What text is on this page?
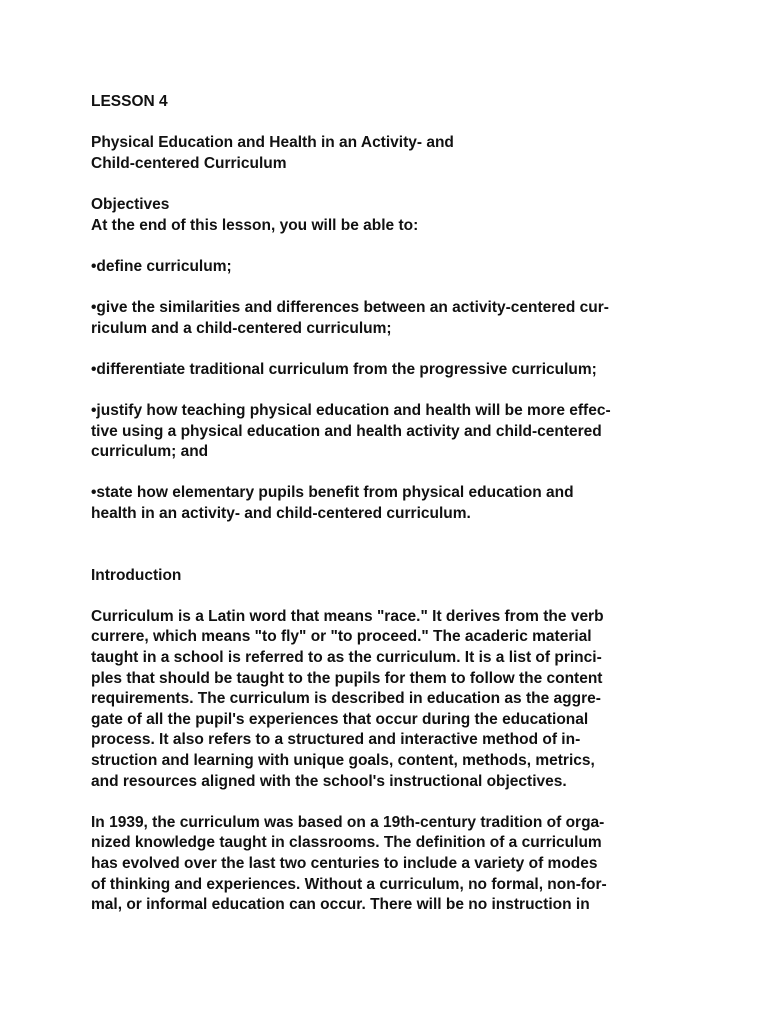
LESSON 4
Physical Education and Health in an Activity- and
Child-centered Curriculum
Objectives
At the end of this lesson, you will be able to:
•define curriculum;
•give the similarities and differences between an activity-centered cur-
riculum and a child-centered curriculum;
•differentiate traditional curriculum from the progressive curriculum;
•justify how teaching physical education and health will be more effec-
tive using a physical education and health activity and child-centered
curriculum; and
•state how elementary pupils benefit from physical education and
health in an activity- and child-centered curriculum.
Introduction
Curriculum is a Latin word that means "race." It derives from the verb
currere, which means "to fly" or "to proceed." The acaderic material
taught in a school is referred to as the curriculum. It is a list of princi-
ples that should be taught to the pupils for them to follow the content
requirements. The curriculum is described in education as the aggre-
gate of all the pupil's experiences that occur during the educational
process. It also refers to a structured and interactive method of in-
struction and learning with unique goals, content, methods, metrics,
and resources aligned with the school's instructional objectives.
In 1939, the curriculum was based on a 19th-century tradition of orga-
nized knowledge taught in classrooms. The definition of a curriculum
has evolved over the last two centuries to include a variety of modes
of thinking and experiences. Without a curriculum, no formal, non-for-
mal, or informal education can occur. There will be no instruction in
